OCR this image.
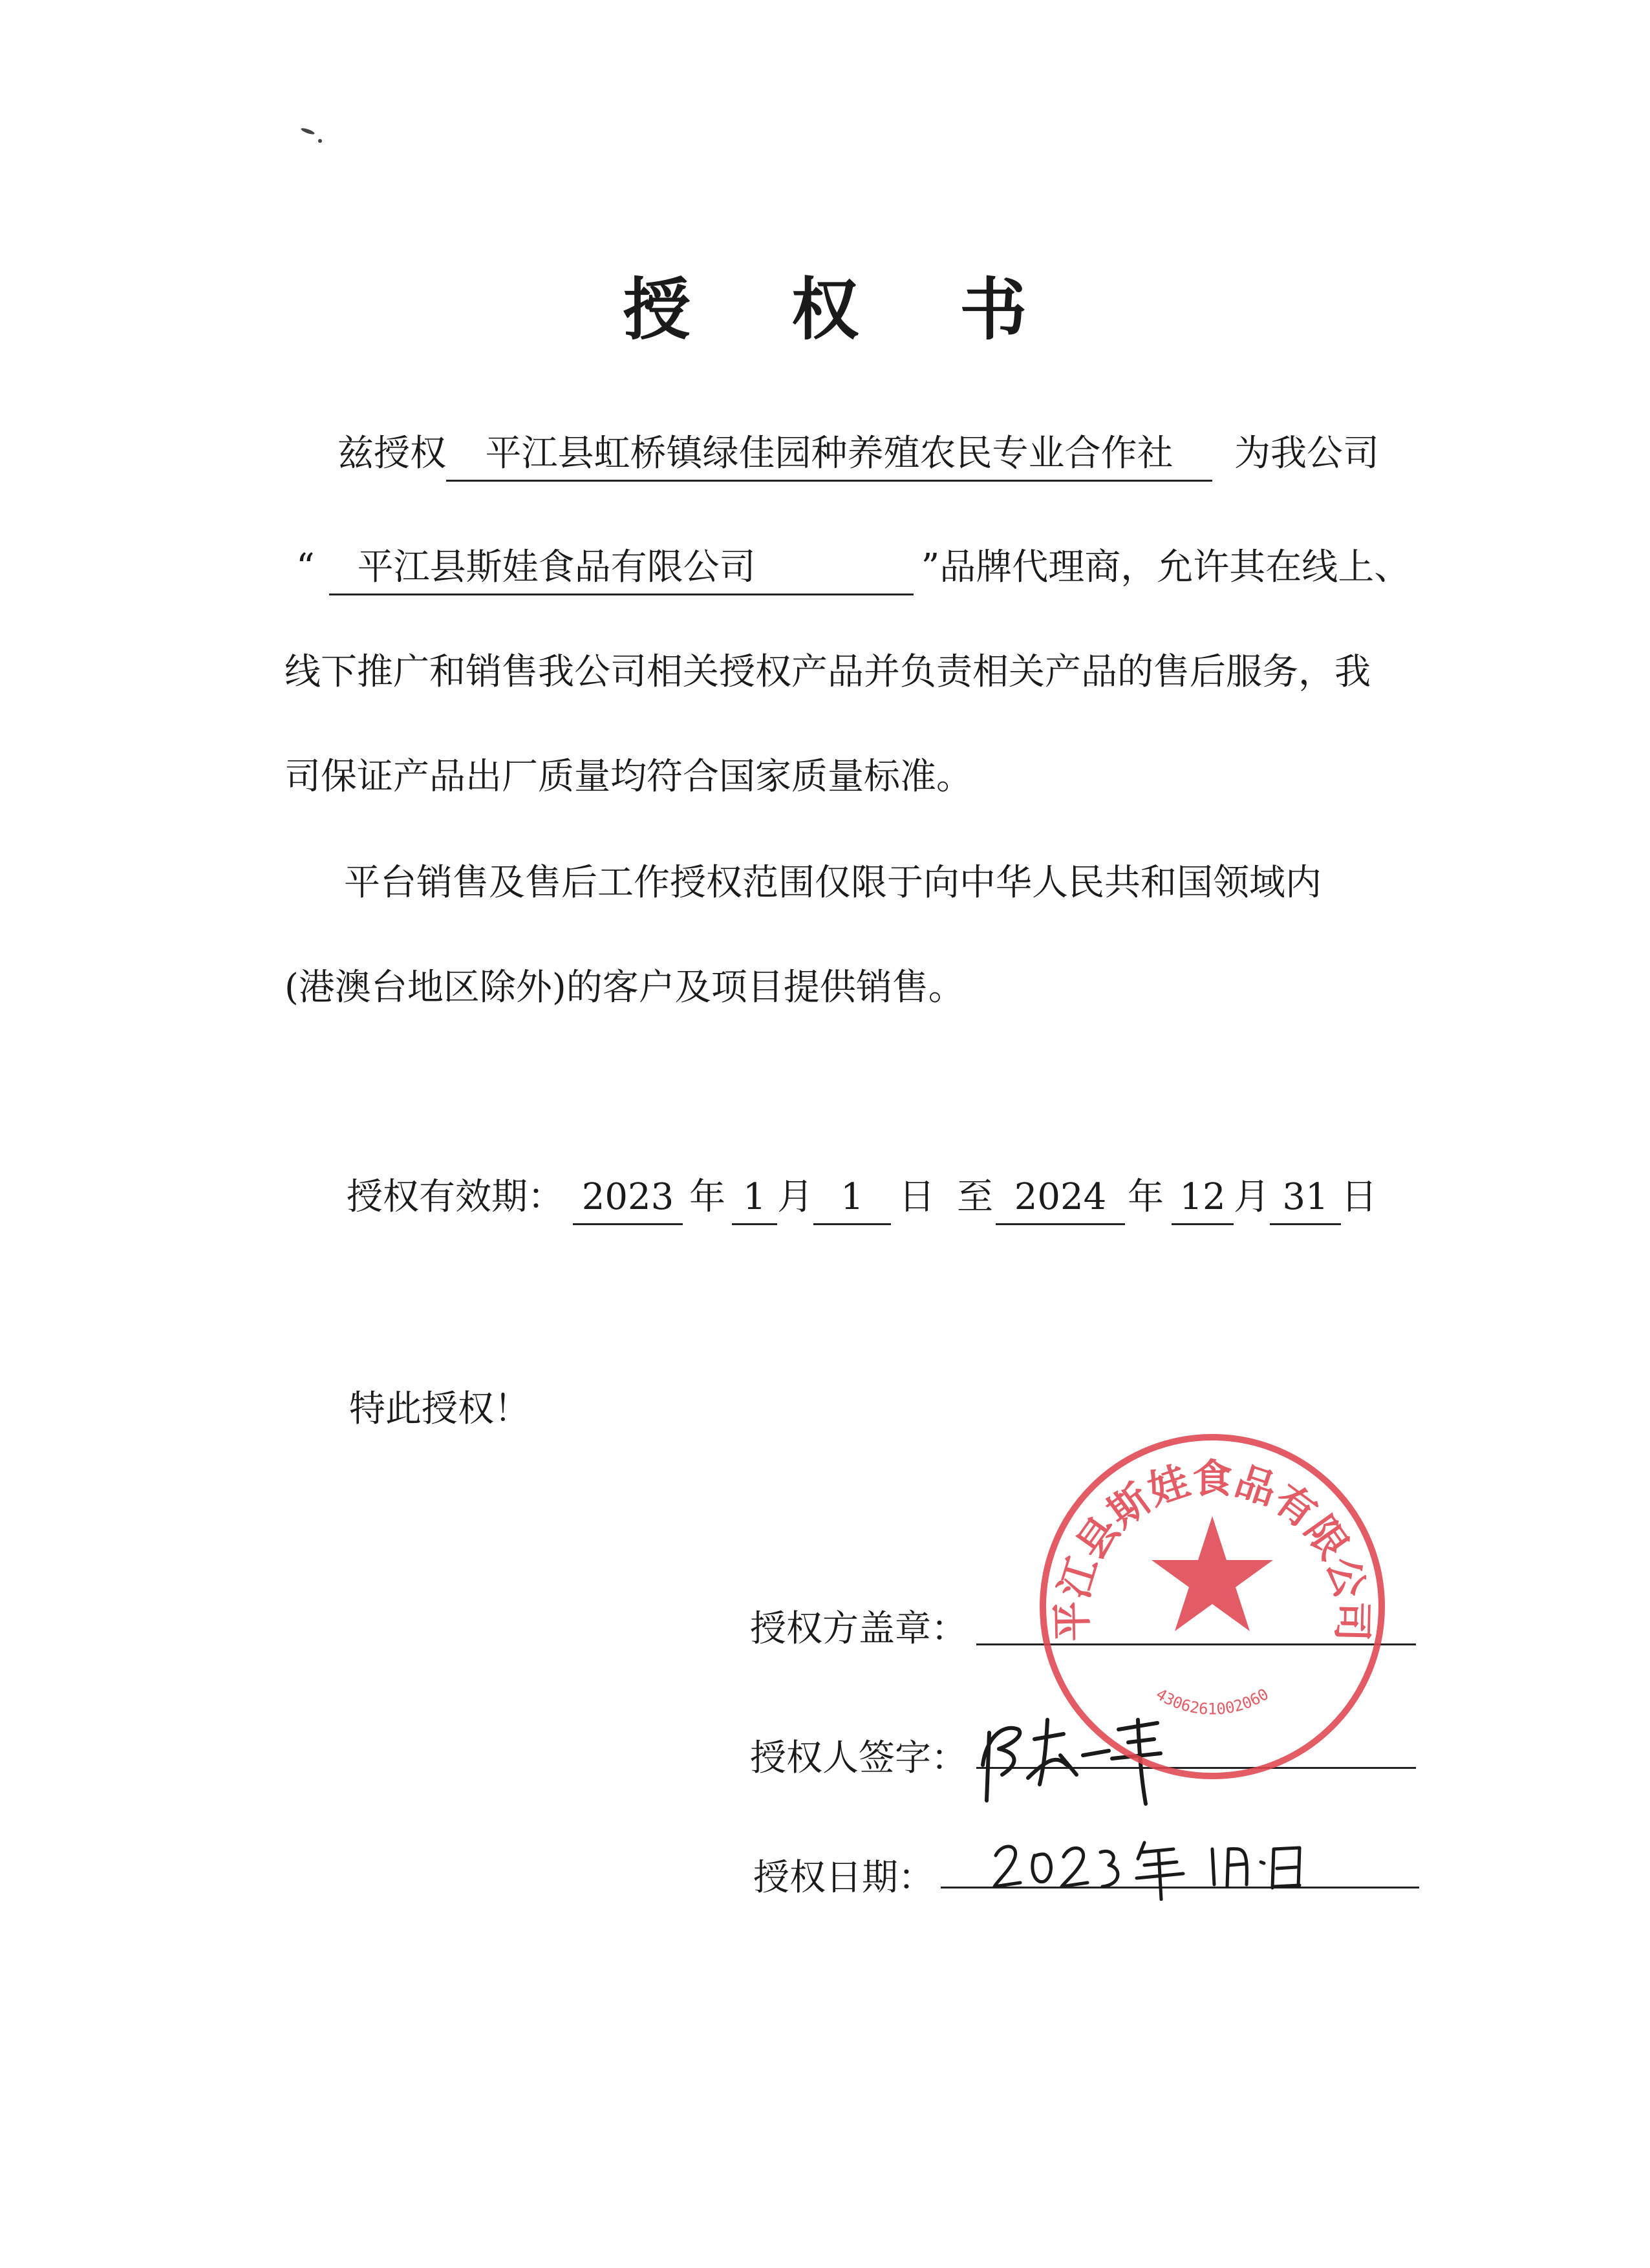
授 权 书
兹授权 平江县虹桥镇绿佳园种养殖农民专业合作社 为我公司
“ 平江县斯娃食品有限公司	”品牌代理商，允许其在线上、
线下推广和销售我公司相关授权产品并负责相关产品的售后服务，我
司保证产品出厂质量均符合国家质量标准。
平台销售及售后工作授权范围仅限于向中华人民共和国领域内
(港澳台地区除外)的客户及项目提供销售。
授权有效期： 2023 年 1 月 1 日 至 2024 年 12 月 31 日
特此授权！
授权方盖章：
授权人签字：
授权日期：
平江县斯娃食品有限公司
4306261002060
